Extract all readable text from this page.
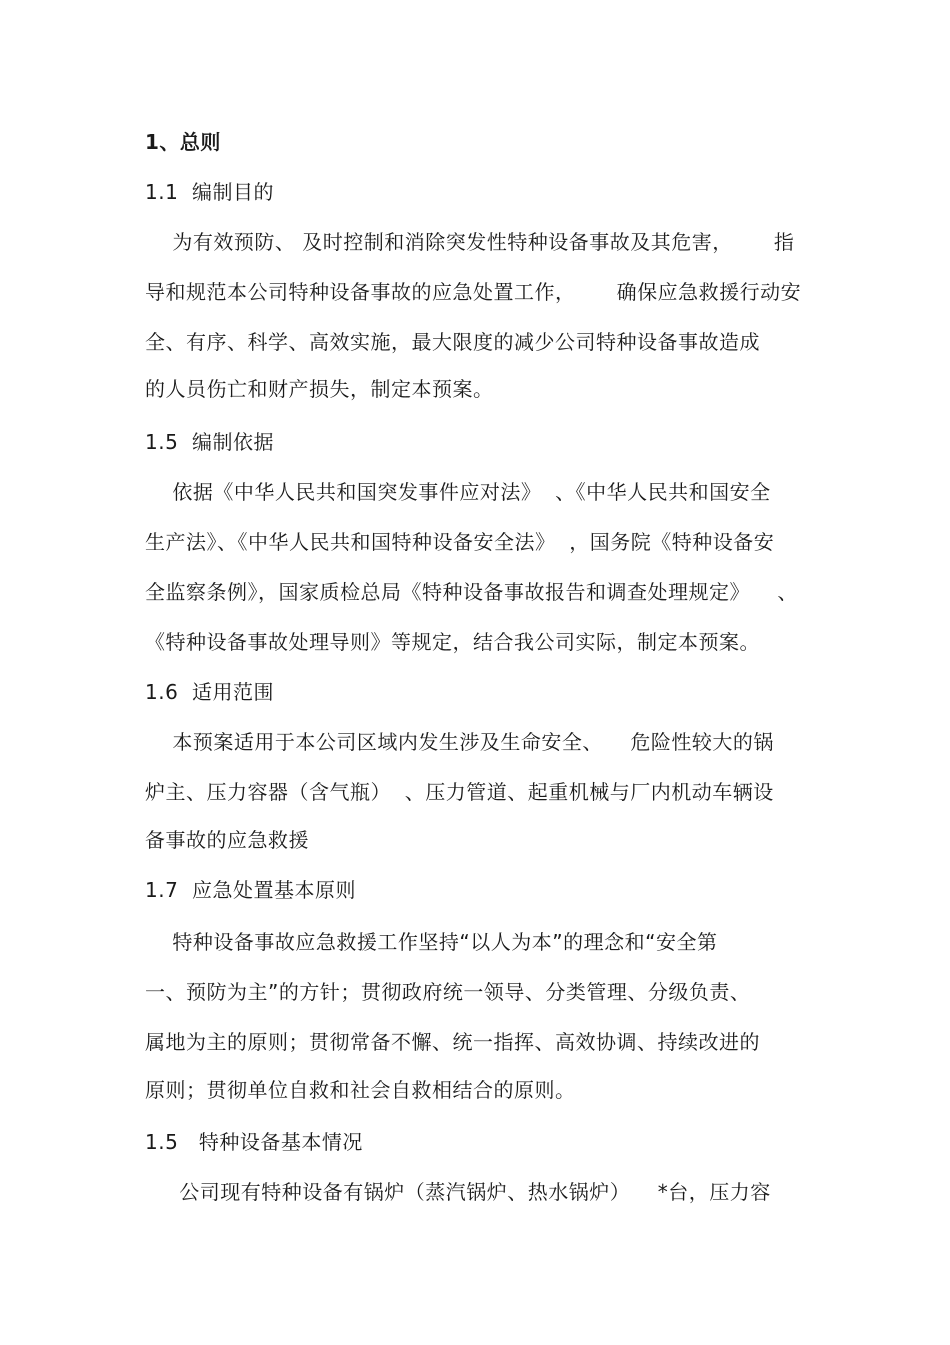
1、总则
1.1  编制目的
为有效预防、 及时控制和消除突发性特种设备事故及其危害，      指
导和规范本公司特种设备事故的应急处置工作，      确保应急救援行动安
全、有序、科学、高效实施，最大限度的减少公司特种设备事故造成
的人员伤亡和财产损失，制定本预案。
1.5  编制依据
依据《中华人民共和国突发事件应对法》  、《中华人民共和国安全
生产法》、《中华人民共和国特种设备安全法》  ，国务院《特种设备安
全监察条例》，国家质检总局《特种设备事故报告和调查处理规定》    、
《特种设备事故处理导则》等规定，结合我公司实际，制定本预案。
1.6  适用范围
本预案适用于本公司区域内发生涉及生命安全、    危险性较大的锅
炉主、压力容器（含气瓶）  、压力管道、起重机械与厂内机动车辆设
备事故的应急救援
1.7  应急处置基本原则
特种设备事故应急救援工作坚持“以人为本”的理念和“安全第
一、预防为主”的方针；贯彻政府统一领导、分类管理、分级负责、
属地为主的原则；贯彻常备不懈、统一指挥、高效协调、持续改进的
原则；贯彻单位自救和社会自救相结合的原则。
1.5   特种设备基本情况
公司现有特种设备有锅炉（蒸汽锅炉、热水锅炉）    *台，压力容
